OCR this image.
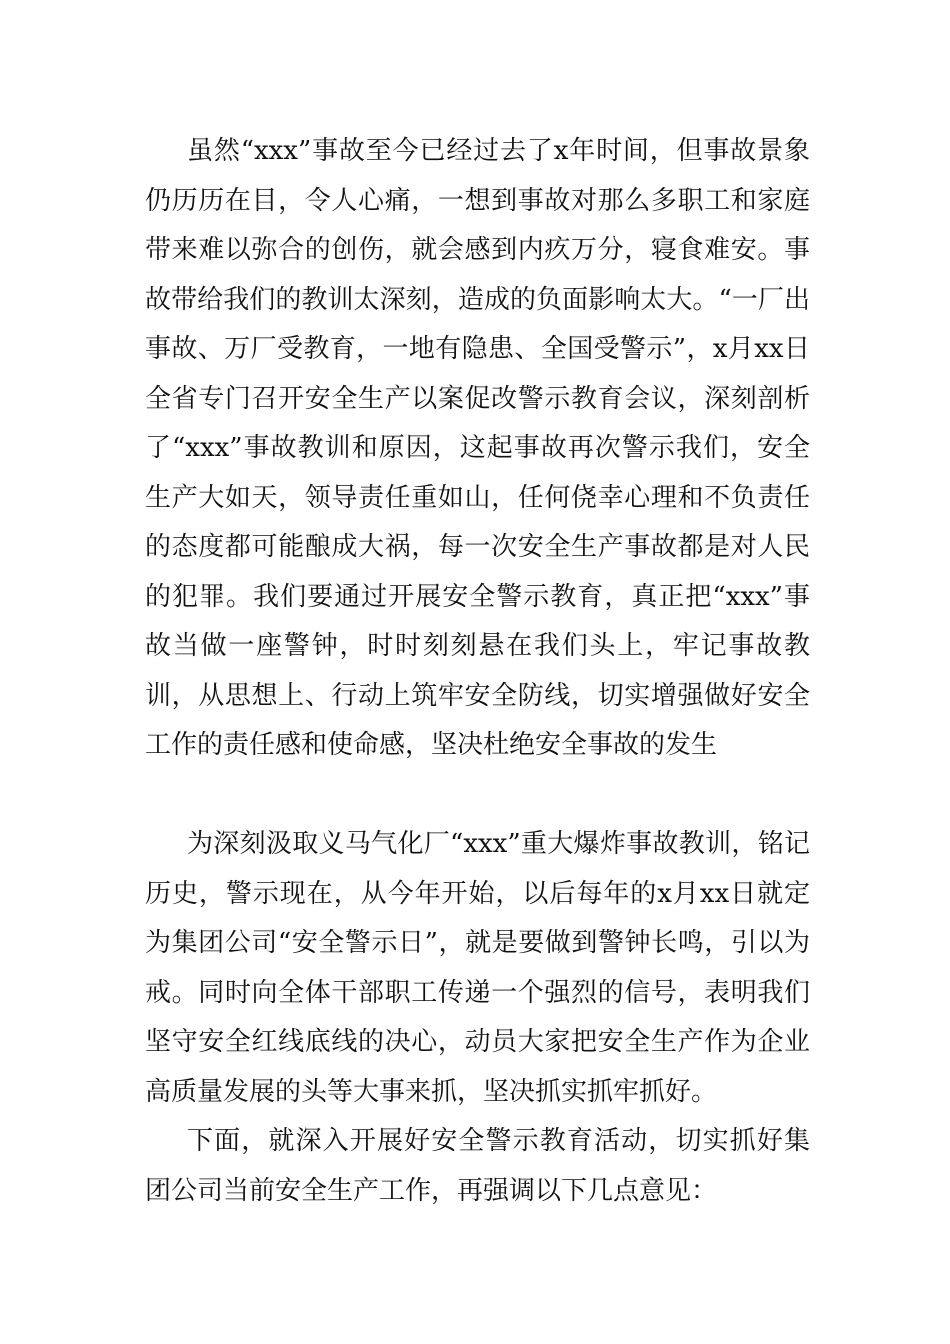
虽然“xxx”事故至今已经过去了x年时间，但事故景象仍历历在目，令人心痛，一想到事故对那么多职工和家庭带来难以弥合的创伤，就会感到内疚万分，寝食难安。事故带给我们的教训太深刻，造成的负面影响太大。“一厂出事故、万厂受教育，一地有隐患、全国受警示”，x月xx日全省专门召开安全生产以案促改警示教育会议，深刻剖析了“xxx”事故教训和原因，这起事故再次警示我们，安全生产大如天，领导责任重如山，任何侥幸心理和不负责任的态度都可能酿成大祸，每一次安全生产事故都是对人民的犯罪。我们要通过开展安全警示教育，真正把“xxx”事故当做一座警钟，时时刻刻悬在我们头上，牢记事故教训，从思想上、行动上筑牢安全防线，切实增强做好安全工作的责任感和使命感，坚决杜绝安全事故的发生

为深刻汲取义马气化厂“xxx”重大爆炸事故教训，铭记历史，警示现在，从今年开始，以后每年的x月xx日就定为集团公司“安全警示日”，就是要做到警钟长鸣，引以为戒。同时向全体干部职工传递一个强烈的信号，表明我们坚守安全红线底线的决心，动员大家把安全生产作为企业高质量发展的头等大事来抓，坚决抓实抓牢抓好。

下面，就深入开展好安全警示教育活动，切实抓好集团公司当前安全生产工作，再强调以下几点意见：
